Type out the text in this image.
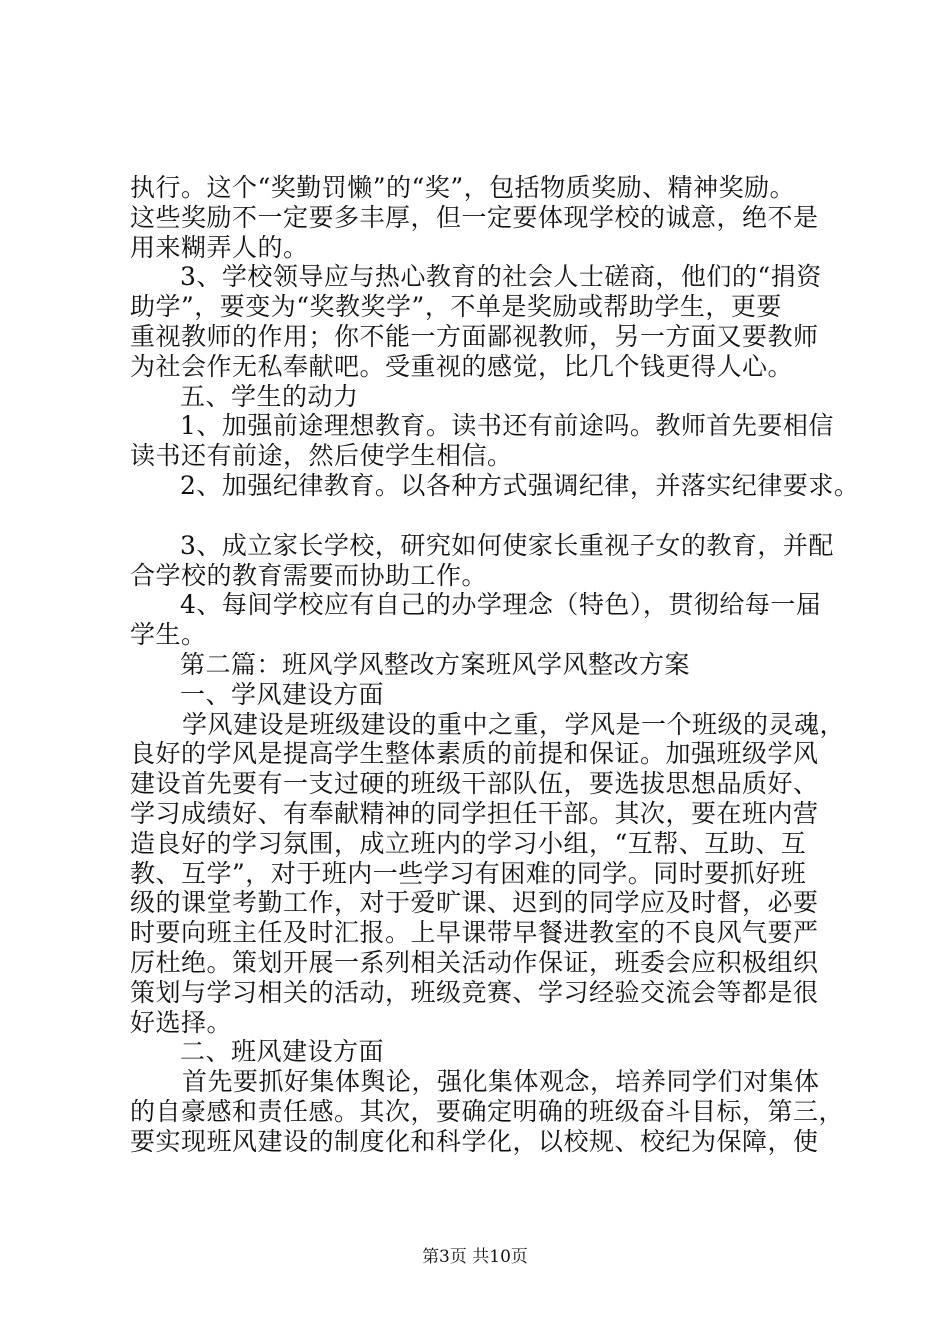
执行。这个“奖勤罚懒”的“奖”，包括物质奖励、精神奖励。
这些奖励不一定要多丰厚，但一定要体现学校的诚意，绝不是
用来糊弄人的。
3、学校领导应与热心教育的社会人士磋商，他们的“捐资
助学”，要变为“奖教奖学”，不单是奖励或帮助学生，更要
重视教师的作用；你不能一方面鄙视教师，另一方面又要教师
为社会作无私奉献吧。受重视的感觉，比几个钱更得人心。
五、学生的动力
1、加强前途理想教育。读书还有前途吗。教师首先要相信
读书还有前途，然后使学生相信。
2、加强纪律教育。以各种方式强调纪律，并落实纪律要求。
3、成立家长学校，研究如何使家长重视子女的教育，并配
合学校的教育需要而协助工作。
4、每间学校应有自己的办学理念（特色），贯彻给每一届
学生。
第二篇：班风学风整改方案班风学风整改方案
一、学风建设方面
学风建设是班级建设的重中之重，学风是一个班级的灵魂，
良好的学风是提高学生整体素质的前提和保证。加强班级学风
建设首先要有一支过硬的班级干部队伍，要选拔思想品质好、
学习成绩好、有奉献精神的同学担任干部。其次，要在班内营
造良好的学习氛围，成立班内的学习小组，“互帮、互助、互
教、互学”，对于班内一些学习有困难的同学。同时要抓好班
级的课堂考勤工作，对于爱旷课、迟到的同学应及时督，必要
时要向班主任及时汇报。上早课带早餐进教室的不良风气要严
厉杜绝。策划开展一系列相关活动作保证，班委会应积极组织
策划与学习相关的活动，班级竞赛、学习经验交流会等都是很
好选择。
二、班风建设方面
首先要抓好集体舆论，强化集体观念，培养同学们对集体
的自豪感和责任感。其次，要确定明确的班级奋斗目标，第三，
要实现班风建设的制度化和科学化，以校规、校纪为保障，使
第3页 共10页
